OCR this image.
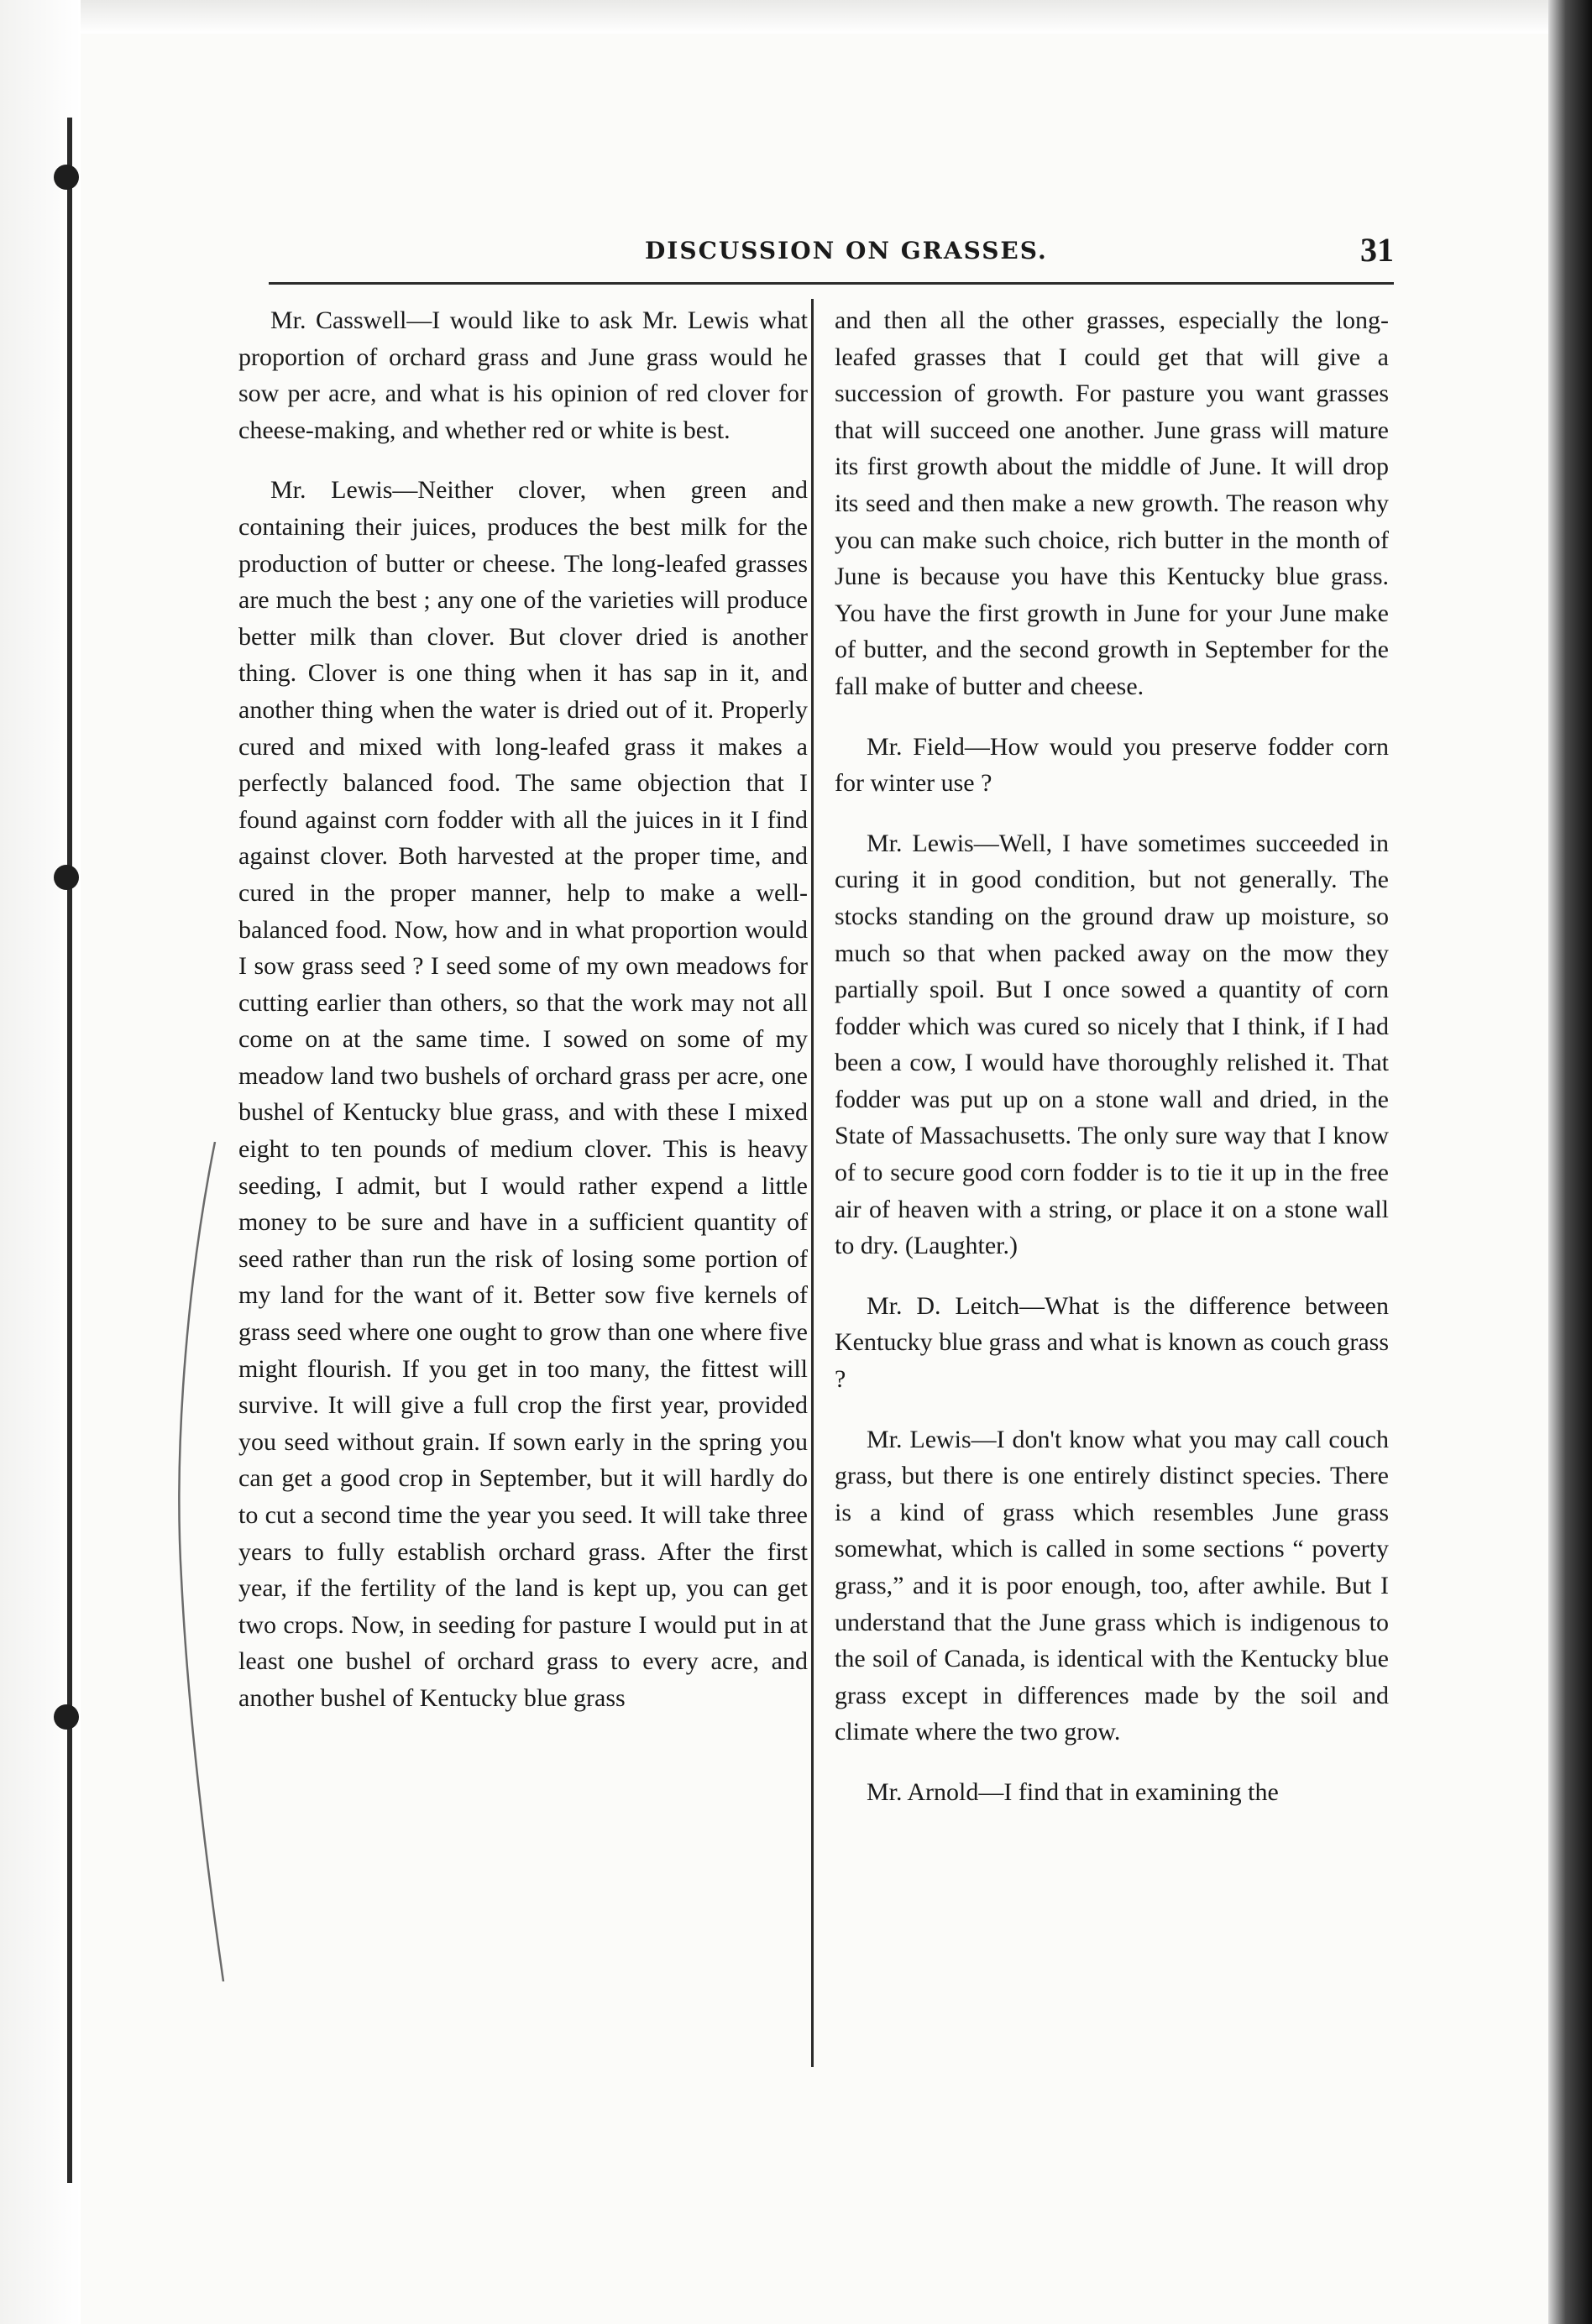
DISCUSSION ON GRASSES.	31

Mr. Casswell—I would like to ask Mr. Lewis what proportion of orchard grass and June grass would he sow per acre, and what is his opinion of red clover for cheese-making, and whether red or white is best.

Mr. Lewis—Neither clover, when green and containing their juices, produces the best milk for the production of butter or cheese. The long-leafed grasses are much the best ; any one of the varieties will produce better milk than clover. But clover dried is another thing. Clover is one thing when it has sap in it, and another thing when the water is dried out of it. Properly cured and mixed with long-leafed grass it makes a perfectly balanced food. The same objection that I found against corn fodder with all the juices in it I find against clover. Both harvested at the proper time, and cured in the proper manner, help to make a well-balanced food. Now, how and in what proportion would I sow grass seed ? I seed some of my own meadows for cutting earlier than others, so that the work may not all come on at the same time. I sowed on some of my meadow land two bushels of orchard grass per acre, one bushel of Kentucky blue grass, and with these I mixed eight to ten pounds of medium clover. This is heavy seeding, I admit, but I would rather expend a little money to be sure and have in a sufficient quantity of seed rather than run the risk of losing some portion of my land for the want of it. Better sow five kernels of grass seed where one ought to grow than one where five might flourish. If you get in too many, the fittest will survive. It will give a full crop the first year, provided you seed without grain. If sown early in the spring you can get a good crop in September, but it will hardly do to cut a second time the year you seed. It will take three years to fully establish orchard grass. After the first year, if the fertility of the land is kept up, you can get two crops. Now, in seeding for pasture I would put in at least one bushel of orchard grass to every acre, and another bushel of Kentucky blue grass

and then all the other grasses, especially the long-leafed grasses that I could get that will give a succession of growth. For pasture you want grasses that will succeed one another. June grass will mature its first growth about the middle of June. It will drop its seed and then make a new growth. The reason why you can make such choice, rich butter in the month of June is because you have this Kentucky blue grass. You have the first growth in June for your June make of butter, and the second growth in September for the fall make of butter and cheese.

Mr. Field—How would you preserve fodder corn for winter use ?

Mr. Lewis—Well, I have sometimes succeeded in curing it in good condition, but not generally. The stocks standing on the ground draw up moisture, so much so that when packed away on the mow they partially spoil. But I once sowed a quantity of corn fodder which was cured so nicely that I think, if I had been a cow, I would have thoroughly relished it. That fodder was put up on a stone wall and dried, in the State of Massachusetts. The only sure way that I know of to secure good corn fodder is to tie it up in the free air of heaven with a string, or place it on a stone wall to dry. (Laughter.)

Mr. D. Leitch—What is the difference between Kentucky blue grass and what is known as couch grass ?

Mr. Lewis—I don't know what you may call couch grass, but there is one entirely distinct species. There is a kind of grass which resembles June grass somewhat, which is called in some sections “ poverty grass,” and it is poor enough, too, after awhile. But I understand that the June grass which is indigenous to the soil of Canada, is identical with the Kentucky blue grass except in differences made by the soil and climate where the two grow.

Mr. Arnold—I find that in examining the
